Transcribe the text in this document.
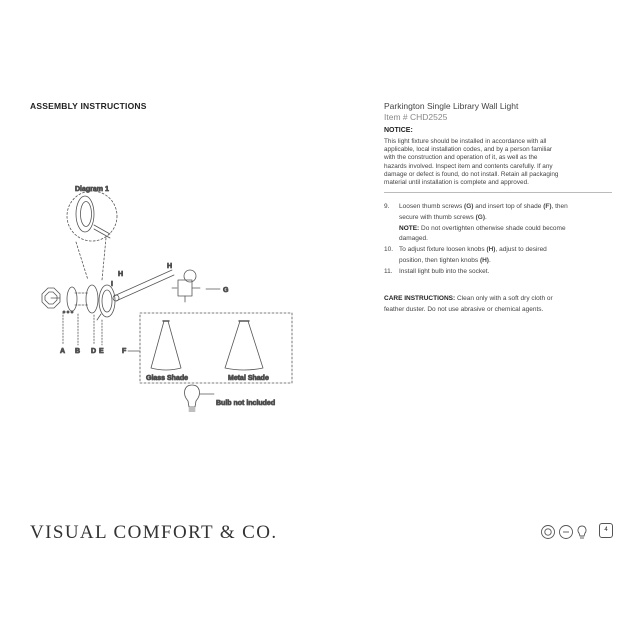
ASSEMBLY INSTRUCTIONS	Parkington Single Library Wall Light
Item # CHD2525
NOTICE:
This light fixture should be installed in accordance with all
applicable, local installation codes, and by a person familiar
with the construction and operation of it, as well as the
hazards involved. Inspect item and contents carefully. If any
damage or defect is found, do not install. Retain all packaging
material until installation is complete and approved.
9.	Loosen thumb screws (G) and insert top of shade (F), then
secure with thumb screws (G).
NOTE: Do not overtighten otherwise shade could become
damaged.
10. To adjust fixture loosen knobs (H), adjust to desired
position, then tighten knobs (H).
11. Install light bulb into the socket.
CARE INSTRUCTIONS: Clean only with a soft dry cloth or
feather duster. Do not use abrasive or chemical agents.
Diagram 1
H
H
I
G
A B D E	F
Glass Shade	Metal Shade
Bulb not included
VISUAL COMFORT & CO.	4
